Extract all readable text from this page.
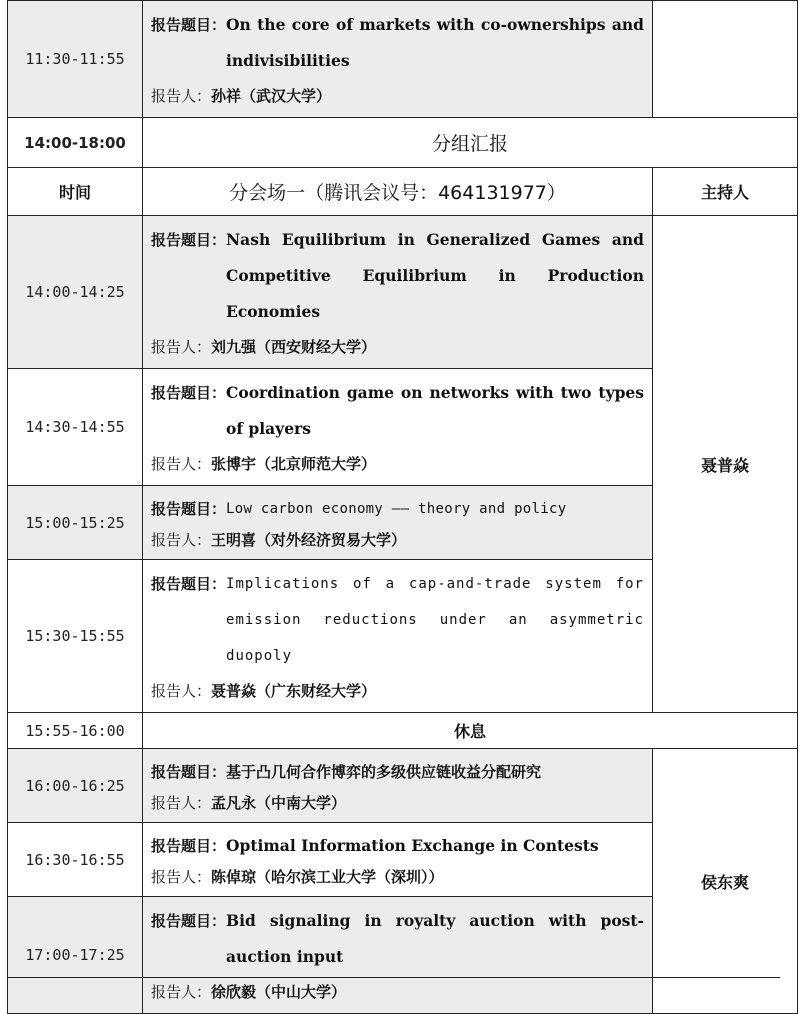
11:30-11:55	报告题目： On the core of markets with co-ownerships and indivisibilities
报告人：孙祥（武汉大学）	

14:00-18:00	分组汇报	
时间	分会场一（腾讯会议号：464131977）	主持人
14:00-14:25	报告题目： Nash Equilibrium in Generalized Games and Competitive Equilibrium in Production Economies
报告人：刘九强（西安财经大学）	聂普焱
14:30-14:55	报告题目： Coordination game on networks with two types of players
报告人：张博宇（北京师范大学）	

15:00-15:25	报告题目： Low carbon economy —— theory and policy
报告人：王明喜（对外经济贸易大学）	

15:30-15:55	报告题目： Implications of a cap-and-trade system for emission reductions under an asymmetric duopoly
报告人：聂普焱（广东财经大学）	

15:55-16:00	休息	
16:00-16:25	报告题目： 基于凸几何合作博弈的多级供应链收益分配研究
报告人：孟凡永（中南大学）	侯东爽
16:30-16:55	报告题目： Optimal Information Exchange in Contests
报告人：陈倬琼（哈尔滨工业大学（深圳））	

17:00-17:25	报告题目： Bid signaling in royalty auction with post-auction input
报告人：徐欣毅（中山大学）	
